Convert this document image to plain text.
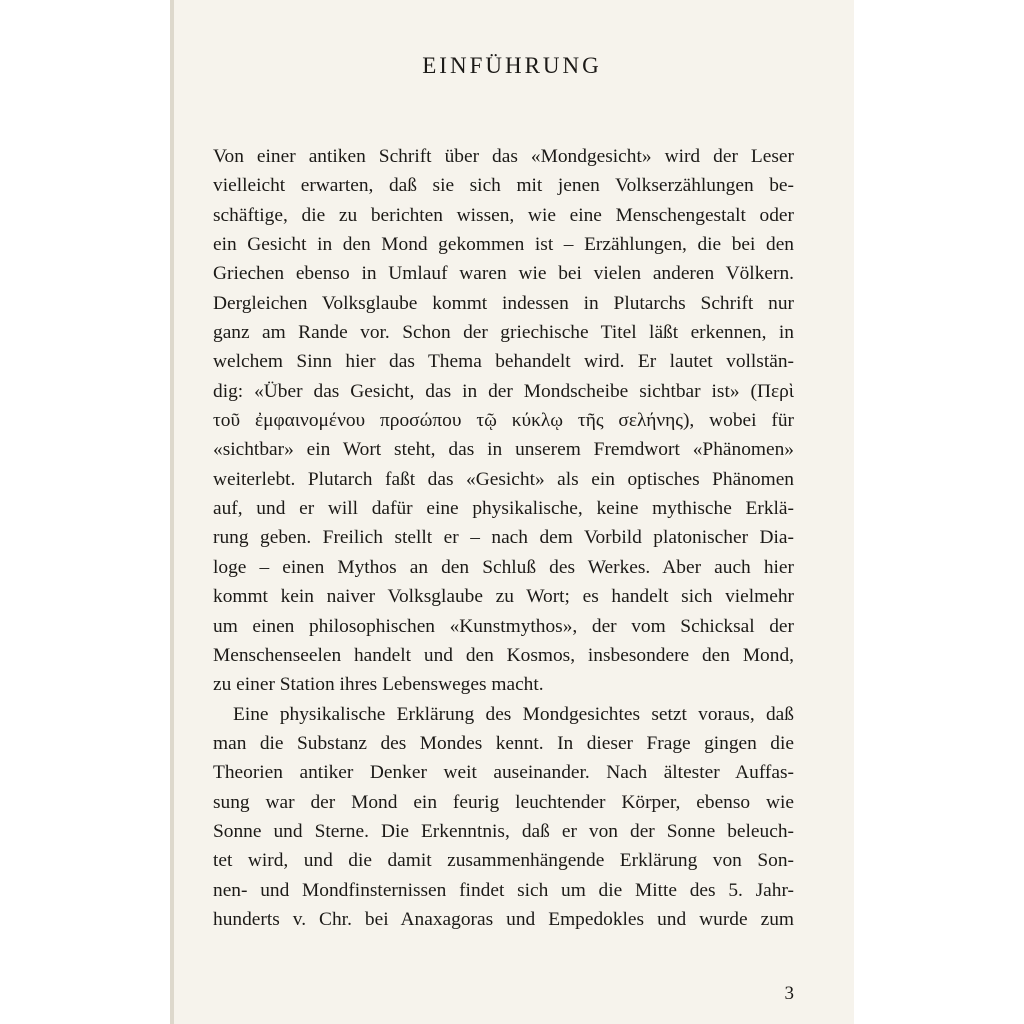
EINFÜHRUNG
Von einer antiken Schrift über das «Mondgesicht» wird der Leser
vielleicht erwarten, daß sie sich mit jenen Volkserzählungen be-
schäftige, die zu berichten wissen, wie eine Menschengestalt oder
ein Gesicht in den Mond gekommen ist – Erzählungen, die bei den
Griechen ebenso in Umlauf waren wie bei vielen anderen Völkern.
Dergleichen Volksglaube kommt indessen in Plutarchs Schrift nur
ganz am Rande vor. Schon der griechische Titel läßt erkennen, in
welchem Sinn hier das Thema behandelt wird. Er lautet vollstän-
dig: «Über das Gesicht, das in der Mondscheibe sichtbar ist» (Περὶ
τοῦ ἐμφαινομένου προσώπου τῷ κύκλῳ τῆς σελήνης), wobei für
«sichtbar» ein Wort steht, das in unserem Fremdwort «Phänomen»
weiterlebt. Plutarch faßt das «Gesicht» als ein optisches Phänomen
auf, und er will dafür eine physikalische, keine mythische Erklä-
rung geben. Freilich stellt er – nach dem Vorbild platonischer Dia-
loge – einen Mythos an den Schluß des Werkes. Aber auch hier
kommt kein naiver Volksglaube zu Wort; es handelt sich vielmehr
um einen philosophischen «Kunstmythos», der vom Schicksal der
Menschenseelen handelt und den Kosmos, insbesondere den Mond,
zu einer Station ihres Lebensweges macht.
Eine physikalische Erklärung des Mondgesichtes setzt voraus, daß
man die Substanz des Mondes kennt. In dieser Frage gingen die
Theorien antiker Denker weit auseinander. Nach ältester Auffas-
sung war der Mond ein feurig leuchtender Körper, ebenso wie
Sonne und Sterne. Die Erkenntnis, daß er von der Sonne beleuch-
tet wird, und die damit zusammenhängende Erklärung von Son-
nen- und Mondfinsternissen findet sich um die Mitte des 5. Jahr-
hunderts v. Chr. bei Anaxagoras und Empedokles und wurde zum
3
